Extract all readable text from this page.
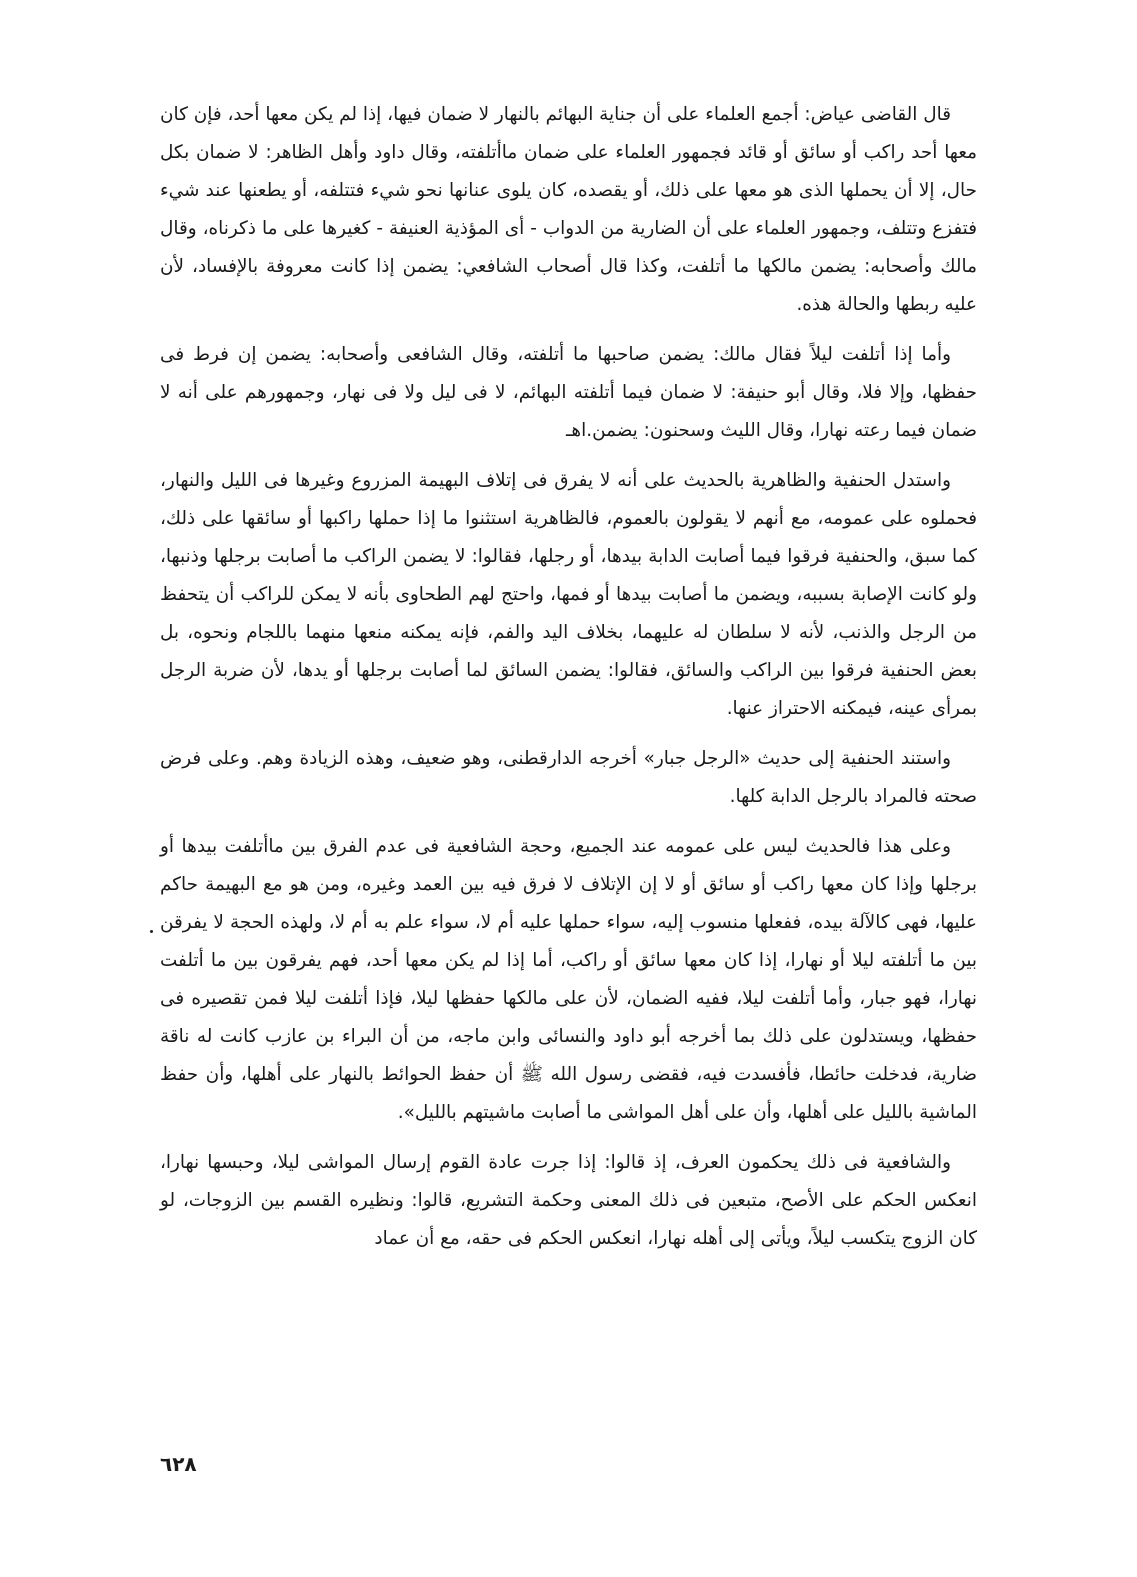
قال القاضى عياض: أجمع العلماء على أن جناية البهائم بالنهار لا ضمان فيها، إذا لم يكن معها أحد، فإن كان معها أحد راكب أو سائق أو قائد فجمهور العلماء على ضمان ماأتلفته، وقال داود وأهل الظاهر: لا ضمان بكل حال، إلا أن يحملها الذى هو معها على ذلك، أو يقصده، كان يلوى عنانها نحو شيء فتتلفه، أو يطعنها عند شيء فتفزع وتتلف، وجمهور العلماء على أن الضارية من الدواب - أى المؤذية العنيفة - كغيرها على ما ذكرناه، وقال مالك وأصحابه: يضمن مالكها ما أتلفت، وكذا قال أصحاب الشافعي: يضمن إذا كانت معروفة بالإفساد، لأن عليه ربطها والحالة هذه.

وأما إذا أتلفت ليلاً فقال مالك: يضمن صاحبها ما أتلفته، وقال الشافعى وأصحابه: يضمن إن فرط فى حفظها، وإلا فلا، وقال أبو حنيفة: لا ضمان فيما أتلفته البهائم، لا فى ليل ولا فى نهار، وجمهورهم على أنه لا ضمان فيما رعته نهارا، وقال الليث وسحنون: يضمن.اهـ

واستدل الحنفية والظاهرية بالحديث على أنه لا يفرق فى إتلاف البهيمة المزروع وغيرها فى الليل والنهار، فحملوه على عمومه، مع أنهم لا يقولون بالعموم، فالظاهرية استثنوا ما إذا حملها راكبها أو سائقها على ذلك، كما سبق، والحنفية فرقوا فيما أصابت الدابة بيدها، أو رجلها، فقالوا: لا يضمن الراكب ما أصابت برجلها وذنبها، ولو كانت الإصابة بسببه، ويضمن ما أصابت بيدها أو فمها، واحتج لهم الطحاوى بأنه لا يمكن للراكب أن يتحفظ من الرجل والذنب، لأنه لا سلطان له عليهما، بخلاف اليد والفم، فإنه يمكنه منعها منهما باللجام ونحوه، بل بعض الحنفية فرقوا بين الراكب والسائق، فقالوا: يضمن السائق لما أصابت برجلها أو يدها، لأن ضربة الرجل بمرأى عينه، فيمكنه الاحتراز عنها.

واستند الحنفية إلى حديث «الرجل جبار» أخرجه الدارقطنى، وهو ضعيف، وهذه الزيادة وهم. وعلى فرض صحته فالمراد بالرجل الدابة كلها.

وعلى هذا فالحديث ليس على عمومه عند الجميع، وحجة الشافعية فى عدم الفرق بين ماأتلفت بيدها أو برجلها وإذا كان معها راكب أو سائق أو لا إن الإتلاف لا فرق فيه بين العمد وغيره، ومن هو مع البهيمة حاكم عليها، فهى كالآلة بيده، ففعلها منسوب إليه، سواء حملها عليه أم لا، سواء علم به أم لا، ولهذه الحجة لا يفرقن بين ما أتلفته ليلا أو نهارا، إذا كان معها سائق أو راكب، أما إذا لم يكن معها أحد، فهم يفرقون بين ما أتلفت نهارا، فهو جبار، وأما أتلفت ليلا، ففيه الضمان، لأن على مالكها حفظها ليلا، فإذا أتلفت ليلا فمن تقصيره فى حفظها، ويستدلون على ذلك بما أخرجه أبو داود والنسائى وابن ماجه، من أن البراء بن عازب كانت له ناقة ضارية، فدخلت حائطا، فأفسدت فيه، فقضى رسول الله ﷺ أن حفظ الحوائط بالنهار على أهلها، وأن حفظ الماشية بالليل على أهلها، وأن على أهل المواشى ما أصابت ماشيتهم بالليل».

والشافعية فى ذلك يحكمون العرف، إذ قالوا: إذا جرت عادة القوم إرسال المواشى ليلا، وحبسها نهارا، انعكس الحكم على الأصح، متبعين فى ذلك المعنى وحكمة التشريع، قالوا: ونظيره القسم بين الزوجات، لو كان الزوج يتكسب ليلاً، ويأتى إلى أهله نهارا، انعكس الحكم فى حقه، مع أن عماد

٦٢٨
